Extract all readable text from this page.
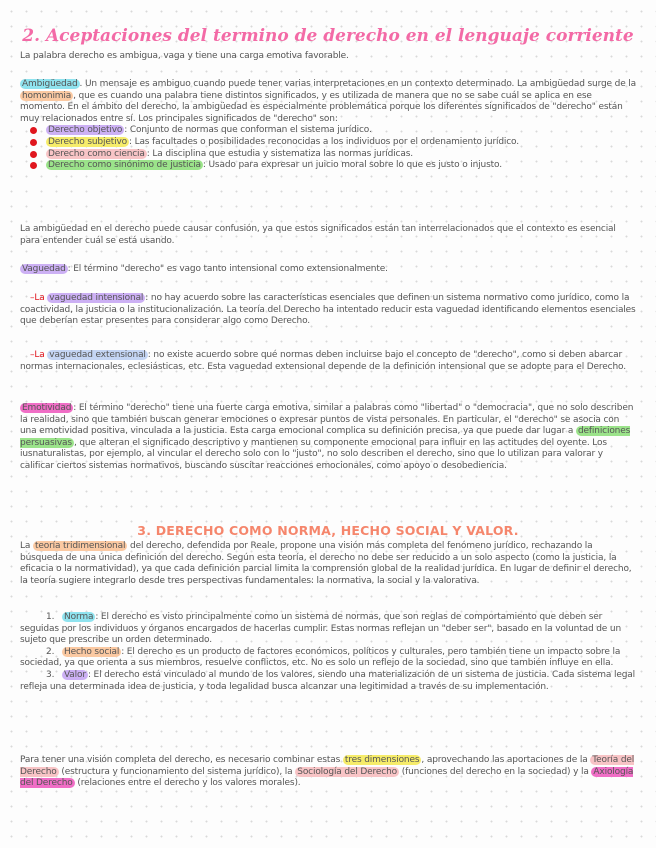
2. Aceptaciones del termino de derecho en el lenguaje corriente

La palabra derecho es ambigua, vaga y tiene una carga emotiva favorable.

Ambigüedad . Un mensaje es ambiguo cuando puede tener varias interpretaciones en un contexto determinado. La ambigüedad surge de la homonimia , que es cuando una palabra tiene distintos significados, y es utilizada de manera que no se sabe cuál se aplica en ese momento. En el ámbito del derecho, la ambigüedad es especialmente problemática porque los diferentes significados de "derecho" están muy relacionados entre sí. Los principales significados de "derecho" son:
Derecho objetivo : Conjunto de normas que conforman el sistema jurídico.
Derecho subjetivo : Las facultades o posibilidades reconocidas a los individuos por el ordenamiento jurídico.
Derecho como ciencia : La disciplina que estudia y sistematiza las normas jurídicas.
Derecho como sinónimo de justicia : Usado para expresar un juicio moral sobre lo que es justo o injusto.

La ambigüedad en el derecho puede causar confusión, ya que estos significados están tan interrelacionados que el contexto es esencial para entender cuál se está usando.

Vaguedad : El término "derecho" es vago tanto intensional como extensionalmente.

–La vaguedad intensional : no hay acuerdo sobre las características esenciales que definen un sistema normativo como jurídico, como la coactividad, la justicia o la institucionalización. La teoría del Derecho ha intentado reducir esta vaguedad identificando elementos esenciales que deberían estar presentes para considerar algo como Derecho.

–La vaguedad extensional : no existe acuerdo sobre qué normas deben incluirse bajo el concepto de "derecho", como si deben abarcar normas internacionales, eclesiásticas, etc. Esta vaguedad extensional depende de la definición intensional que se adopte para el Derecho.

Emotividad : El término "derecho" tiene una fuerte carga emotiva, similar a palabras como "libertad" o "democracia", que no solo describen la realidad, sino que también buscan generar emociones o expresar puntos de vista personales. En particular, el "derecho" se asocia con una emotividad positiva, vinculada a la justicia. Esta carga emocional complica su definición precisa, ya que puede dar lugar a definiciones persuasivas , que alteran el significado descriptivo y mantienen su componente emocional para influir en las actitudes del oyente. Los iusnaturalistas, por ejemplo, al vincular el derecho solo con lo "justo", no solo describen el derecho, sino que lo utilizan para valorar y calificar ciertos sistemas normativos, buscando suscitar reacciones emocionales, como apoyo o desobediencia.

3. DERECHO COMO NORMA, HECHO SOCIAL Y VALOR.

La teoría tridimensional del derecho, defendida por Reale, propone una visión más completa del fenómeno jurídico, rechazando la búsqueda de una única definición del derecho. Según esta teoría, el derecho no debe ser reducido a un solo aspecto (como la justicia, la eficacia o la normatividad), ya que cada definición parcial limita la comprensión global de la realidad jurídica. En lugar de definir el derecho, la teoría sugiere integrarlo desde tres perspectivas fundamentales: la normativa, la social y la valorativa.

1. Norma : El derecho es visto principalmente como un sistema de normas, que son reglas de comportamiento que deben ser seguidas por los individuos y órganos encargados de hacerlas cumplir. Estas normas reflejan un "deber ser", basado en la voluntad de un sujeto que prescribe un orden determinado.
2. Hecho social : El derecho es un producto de factores económicos, políticos y culturales, pero también tiene un impacto sobre la sociedad, ya que orienta a sus miembros, resuelve conflictos, etc. No es solo un reflejo de la sociedad, sino que también influye en ella.
3. Valor : El derecho está vinculado al mundo de los valores, siendo una materialización de un sistema de justicia. Cada sistema legal refleja una determinada idea de justicia, y toda legalidad busca alcanzar una legitimidad a través de su implementación.

Para tener una visión completa del derecho, es necesario combinar estas tres dimensiones , aprovechando las aportaciones de la Teoría del Derecho (estructura y funcionamiento del sistema jurídico), la Sociología del Derecho (funciones del derecho en la sociedad) y la Axiología del Derecho (relaciones entre el derecho y los valores morales).
